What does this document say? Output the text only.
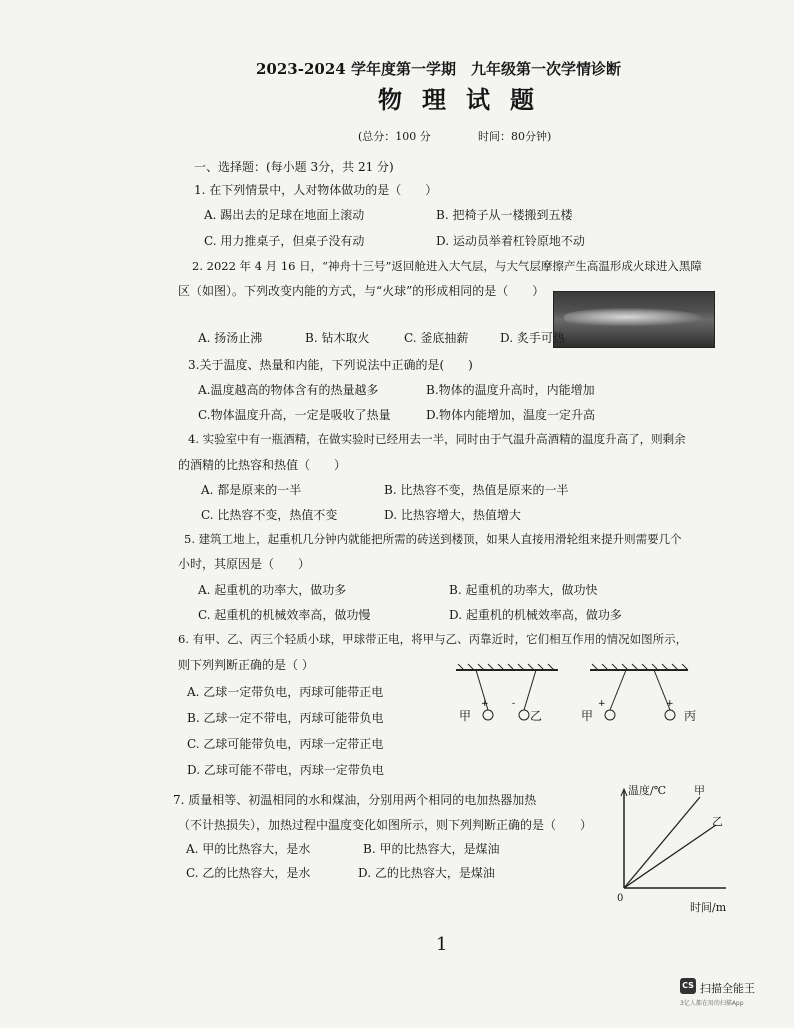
2023-2024 学年度第一学期　九年级第一次学情诊断
物理试题
(总分：100 分	时间：80分钟)
一、选择题：(每小题 3分，共 21 分)
1. 在下列情景中，人对物体做功的是（　　）
A. 踢出去的足球在地面上滚动	B. 把椅子从一楼搬到五楼
C. 用力推桌子，但桌子没有动	D. 运动员举着杠铃原地不动
2. 2022 年 4 月 16 日，“神舟十三号”返回舱进入大气层，与大气层摩擦产生高温形成火球进入黑障
区（如图）。下列改变内能的方式，与“火球”的形成相同的是（　　）
A. 扬汤止沸	B. 钻木取火	C. 釜底抽薪	D. 炙手可热
3.关于温度、热量和内能，下列说法中正确的是(　　)
A.温度越高的物体含有的热量越多	B.物体的温度升高时，内能增加
C.物体温度升高，一定是吸收了热量	D.物体内能增加，温度一定升高
4. 实验室中有一瓶酒精，在做实验时已经用去一半，同时由于气温升高酒精的温度升高了，则剩余
的酒精的比热容和热值（　　）
A. 都是原来的一半	B. 比热容不变，热值是原来的一半
C. 比热容不变，热值不变	D. 比热容增大，热值增大
5. 建筑工地上，起重机几分钟内就能把所需的砖送到楼顶，如果人直接用滑轮组来提升则需要几个
小时，其原因是（　　）
A. 起重机的功率大，做功多	B. 起重机的功率大，做功快
C. 起重机的机械效率高，做功慢	D. 起重机的机械效率高，做功多
6. 有甲、乙、丙三个轻质小球，甲球带正电，将甲与乙、丙靠近时，它们相互作用的情况如图所示，
则下列判断正确的是（ ）
A. 乙球一定带负电，丙球可能带正电
B. 乙球一定不带电，丙球可能带负电
C. 乙球可能带负电，丙球一定带正电
D. 乙球可能不带电，丙球一定带负电
+	-	+	+
甲	乙	甲	丙
7. 质量相等、初温相同的水和煤油，分别用两个相同的电加热器加热
（不计热损失），加热过程中温度变化如图所示，则下列判断正确的是（　　）
A. 甲的比热容大，是水	B. 甲的比热容大，是煤油
C. 乙的比热容大，是水	D. 乙的比热容大，是煤油
温度/℃	甲
乙
0
时间/m
1
CS 扫描全能王
3亿人都在用的扫描App
